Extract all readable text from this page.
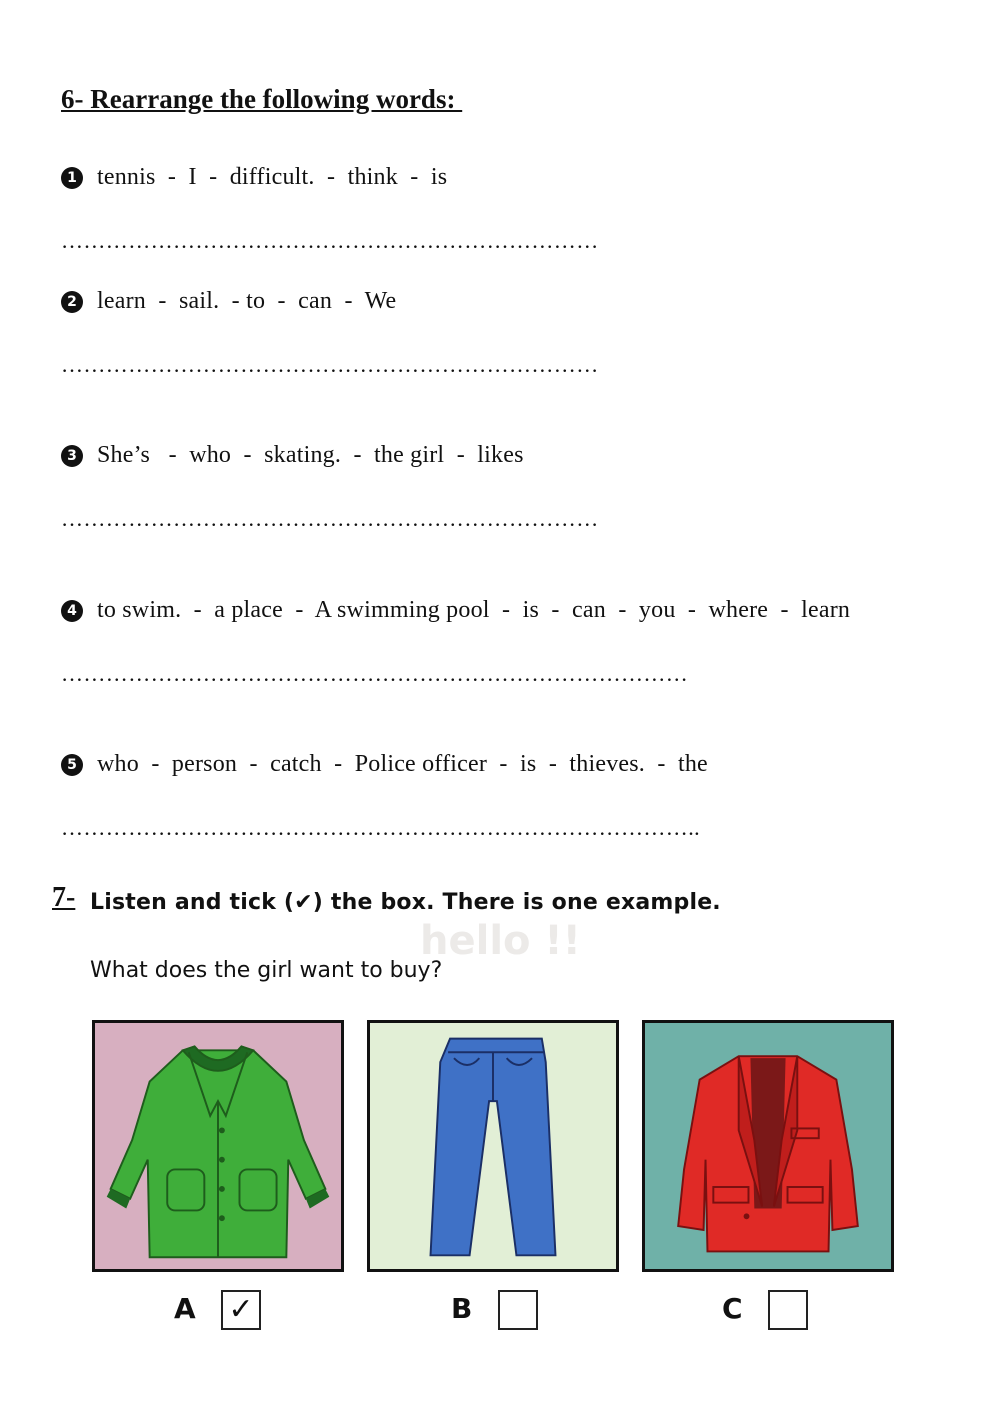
6- Rearrange the following words:
1 tennis  -  I  -  difficult.  -  think  -  is
………………………………………………………………
2 learn  -  sail.  - to  -  can  -  We
………………………………………………………………
3 She’s   -  who  -  skating.  -  the girl  -  likes
………………………………………………………………
4 to swim.  -  a place  -  A swimming pool  -  is  -  can  -  you  -  where  -  learn
…………………………………………………………………………
5 who  -  person  -  catch  -  Police officer  -  is  -  thieves.  -  the
…………………………………………………………………………..
hello !!
7- Listen and tick (✔) the box. There is one example.
What does the girl want to buy?
A ✓	B	C
